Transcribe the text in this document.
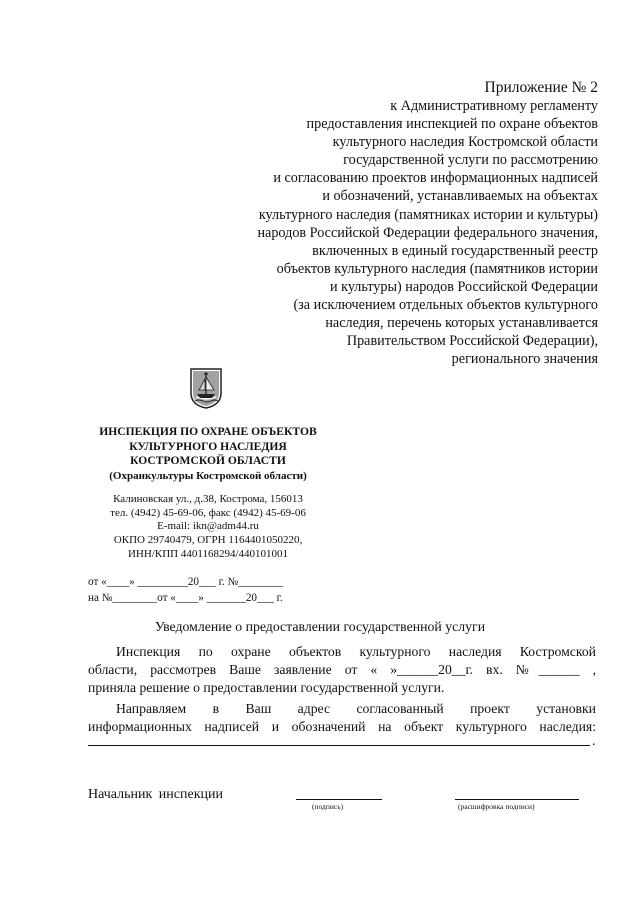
Приложение № 2
к Административному регламенту
предоставления инспекцией по охране объектов
культурного наследия Костромской области
государственной услуги по рассмотрению
и согласованию проектов информационных надписей
и обозначений, устанавливаемых на объектах
культурного наследия (памятниках истории и культуры)
народов Российской Федерации федерального значения,
включенных в единый государственный реестр
объектов культурного наследия (памятников истории
и культуры) народов Российской Федерации
(за исключением отдельных объектов культурного
наследия, перечень которых устанавливается
Правительством Российской Федерации),
регионального значения
ИНСПЕКЦИЯ ПО ОХРАНЕ ОБЪЕКТОВ
КУЛЬТУРНОГО НАСЛЕДИЯ
КОСТРОМСКОЙ ОБЛАСТИ
(Охранкультуры Костромской области)
Калиновская ул., д.38, Кострома, 156013
тел. (4942) 45-69-06, факс (4942) 45-69-06
E-mail: ikn@adm44.ru
ОКПО 29740479, ОГРН 1164401050220,
ИНН/КПП 4401168294/440101001
от «____» _________20___ г. №________
на №________от «____» _______20___ г.
Уведомление о предоставлении государственной услуги
Инспекция по охране объектов культурного наследия Костромской
области, рассмотрев Ваше заявление от « »______20__г. вх. №______ ,
приняла решение о предоставлении государственной услуги.
Направляем в Ваш адрес согласованный проект установки
информационных надписей и обозначений на объект культурного наследия:
.
Начальник инспекции
(подпись)	(расшифровка подписи)
